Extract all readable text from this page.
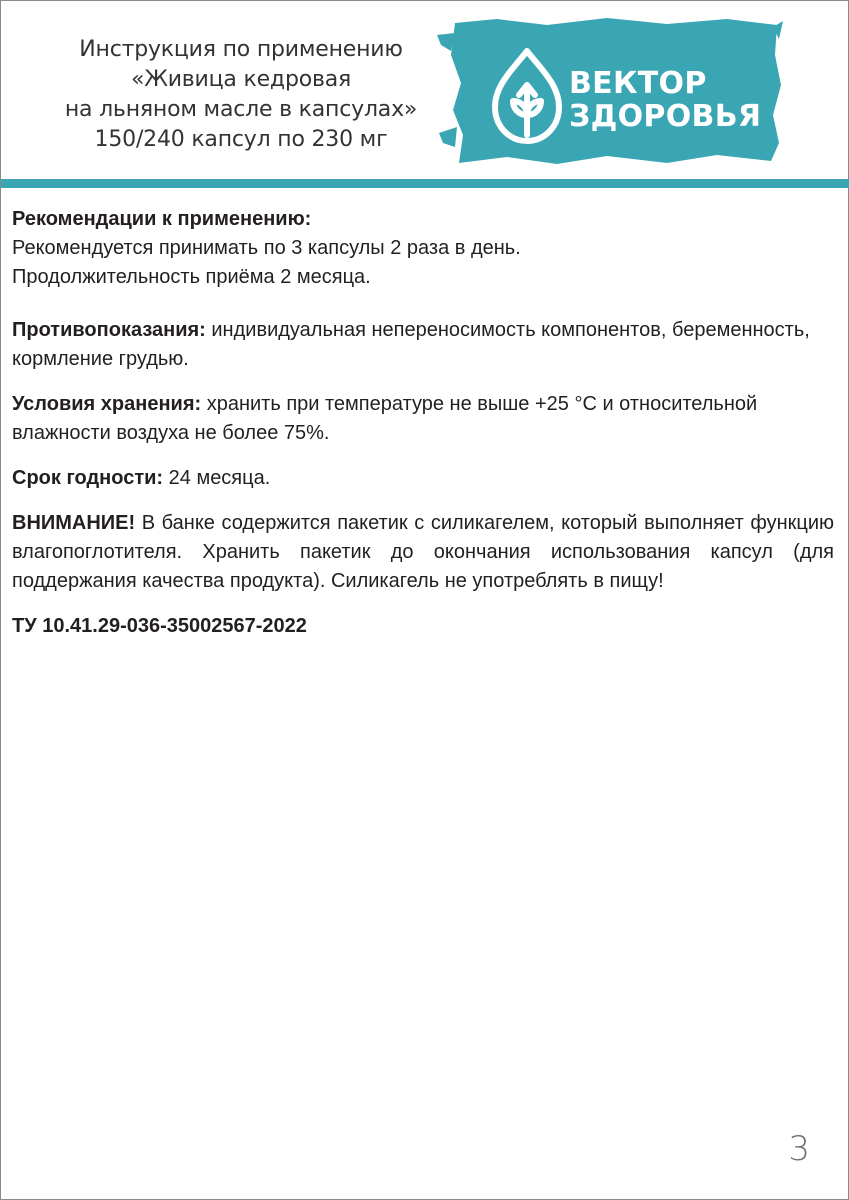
Инструкция по применению
«Живица кедровая
на льняном масле в капсулах»
150/240 капсул по 230 мг
ВЕКТОР
ЗДОРОВЬЯ
Рекомендации к применению:
Рекомендуется принимать по 3 капсулы 2 раза в день.
Продолжительность приёма 2 месяца.
Противопоказания: индивидуальная непереносимость компонентов, беременность, кормление грудью.
Условия хранения: хранить при температуре не выше +25 °С и относительной влажности воздуха не более 75%.
Срок годности: 24 месяца.
ВНИМАНИЕ! В банке содержится пакетик с силикагелем, который выполняет функцию влагопоглотителя. Хранить пакетик до окончания использования капсул (для поддержания качества продукта). Силикагель не употреблять в пищу!
ТУ 10.41.29-036-35002567-2022
3
